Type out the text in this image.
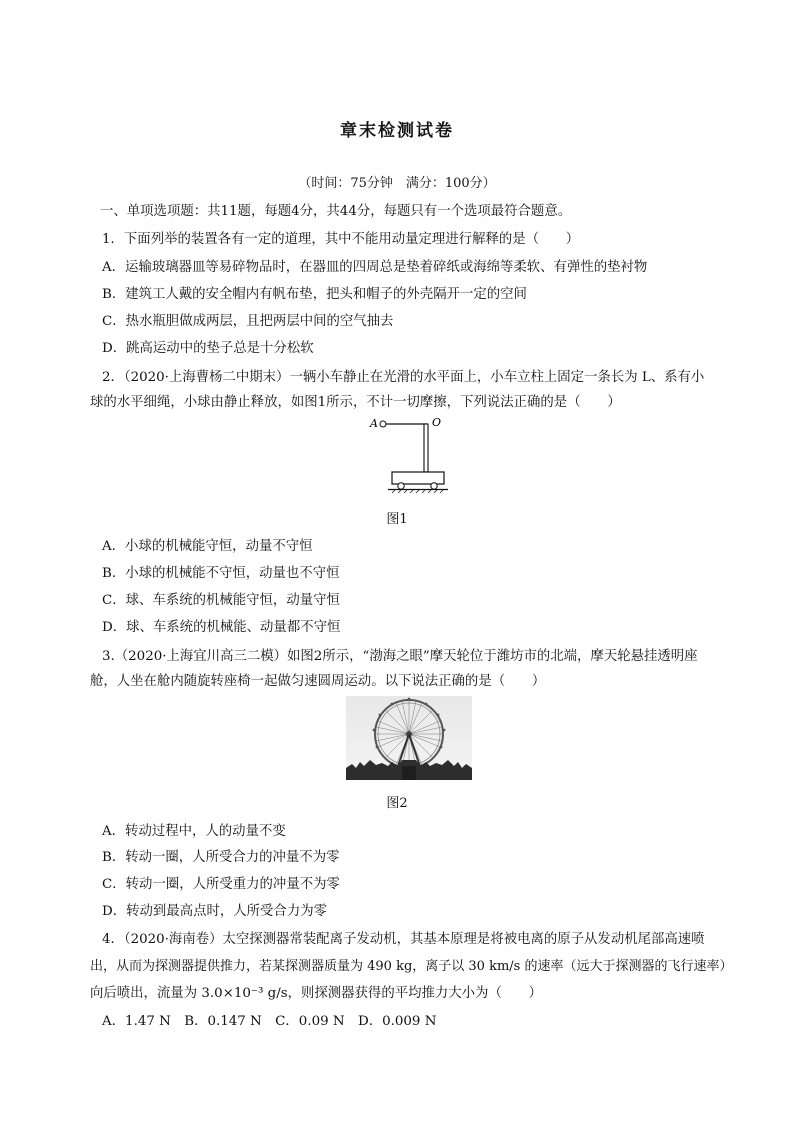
章末检测试卷
（时间：75分钟　满分：100分）
一、单项选项题：共11题，每题4分，共44分，每题只有一个选项最符合题意。
1．下面列举的装置各有一定的道理，其中不能用动量定理进行解释的是（　　）
A．运输玻璃器皿等易碎物品时，在器皿的四周总是垫着碎纸或海绵等柔软、有弹性的垫衬物
B．建筑工人戴的安全帽内有帆布垫，把头和帽子的外壳隔开一定的空间
C．热水瓶胆做成两层，且把两层中间的空气抽去
D．跳高运动中的垫子总是十分松软
2．（2020·上海曹杨二中期末）一辆小车静止在光滑的水平面上，小车立柱上固定一条长为 L、系有小
球的水平细绳，小球由静止释放，如图1所示，不计一切摩擦，下列说法正确的是（　　）
A	O
图1
A．小球的机械能守恒，动量不守恒
B．小球的机械能不守恒，动量也不守恒
C．球、车系统的机械能守恒，动量守恒
D．球、车系统的机械能、动量都不守恒
3.（2020·上海宜川高三二模）如图2所示，“渤海之眼”摩天轮位于潍坊市的北端，摩天轮悬挂透明座
舱，人坐在舱内随旋转座椅一起做匀速圆周运动。以下说法正确的是（　　）
图2
A．转动过程中，人的动量不变
B．转动一圈，人所受合力的冲量不为零
C．转动一圈，人所受重力的冲量不为零
D．转动到最高点时，人所受合力为零
4．（2020·海南卷）太空探测器常装配离子发动机，其基本原理是将被电离的原子从发动机尾部高速喷
出，从而为探测器提供推力，若某探测器质量为 490 kg，离子以 30 km/s 的速率（远大于探测器的飞行速率）
向后喷出，流量为 3.0×10⁻³ g/s，则探测器获得的平均推力大小为（　　）
A．1.47 N　B．0.147 N　C．0.09 N　D．0.009 N
